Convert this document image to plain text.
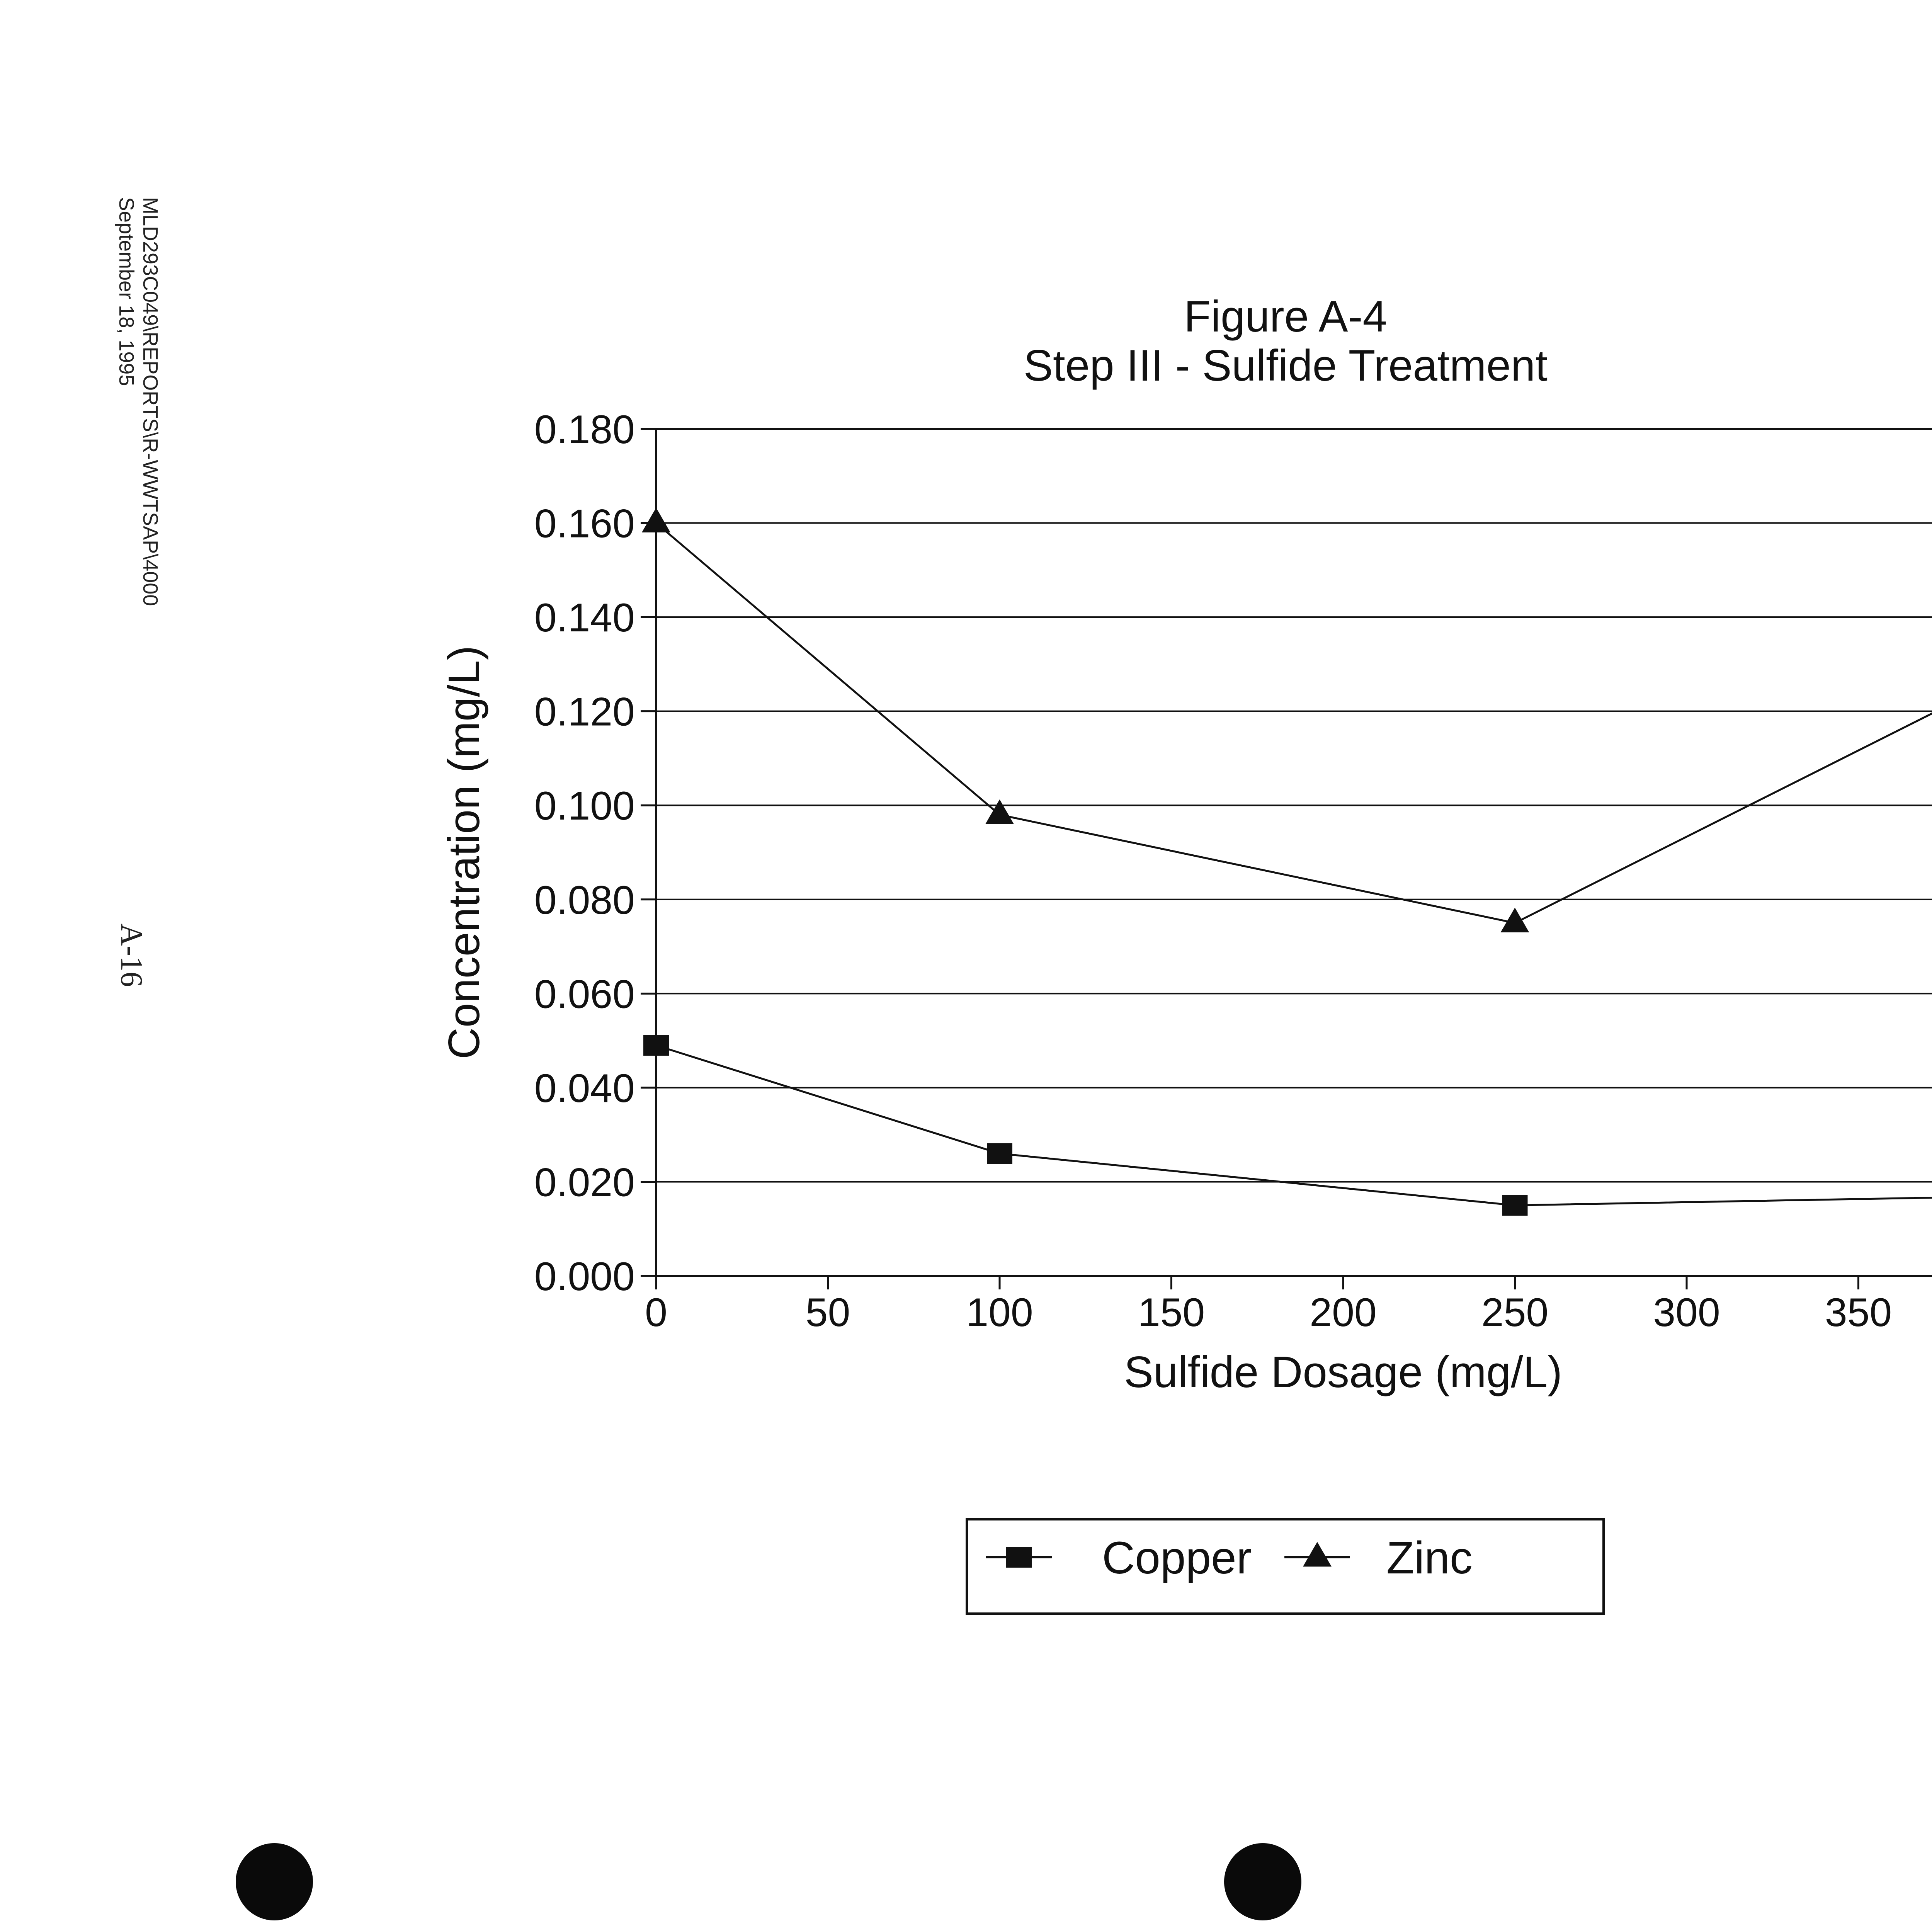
MLD293C049\REPORTS\R-WWTSAP\4000
September 18, 1995
A-16
Figure A-4
Step III - Sulfide Treatment
0.000
0.020
0.040
0.060
0.080
0.100
0.120
0.140
0.160
0.180
0	50	100	150	200	250	300	350
Sulfide Dosage (mg/L)
Concentration (mg/L)
Copper	Zinc
